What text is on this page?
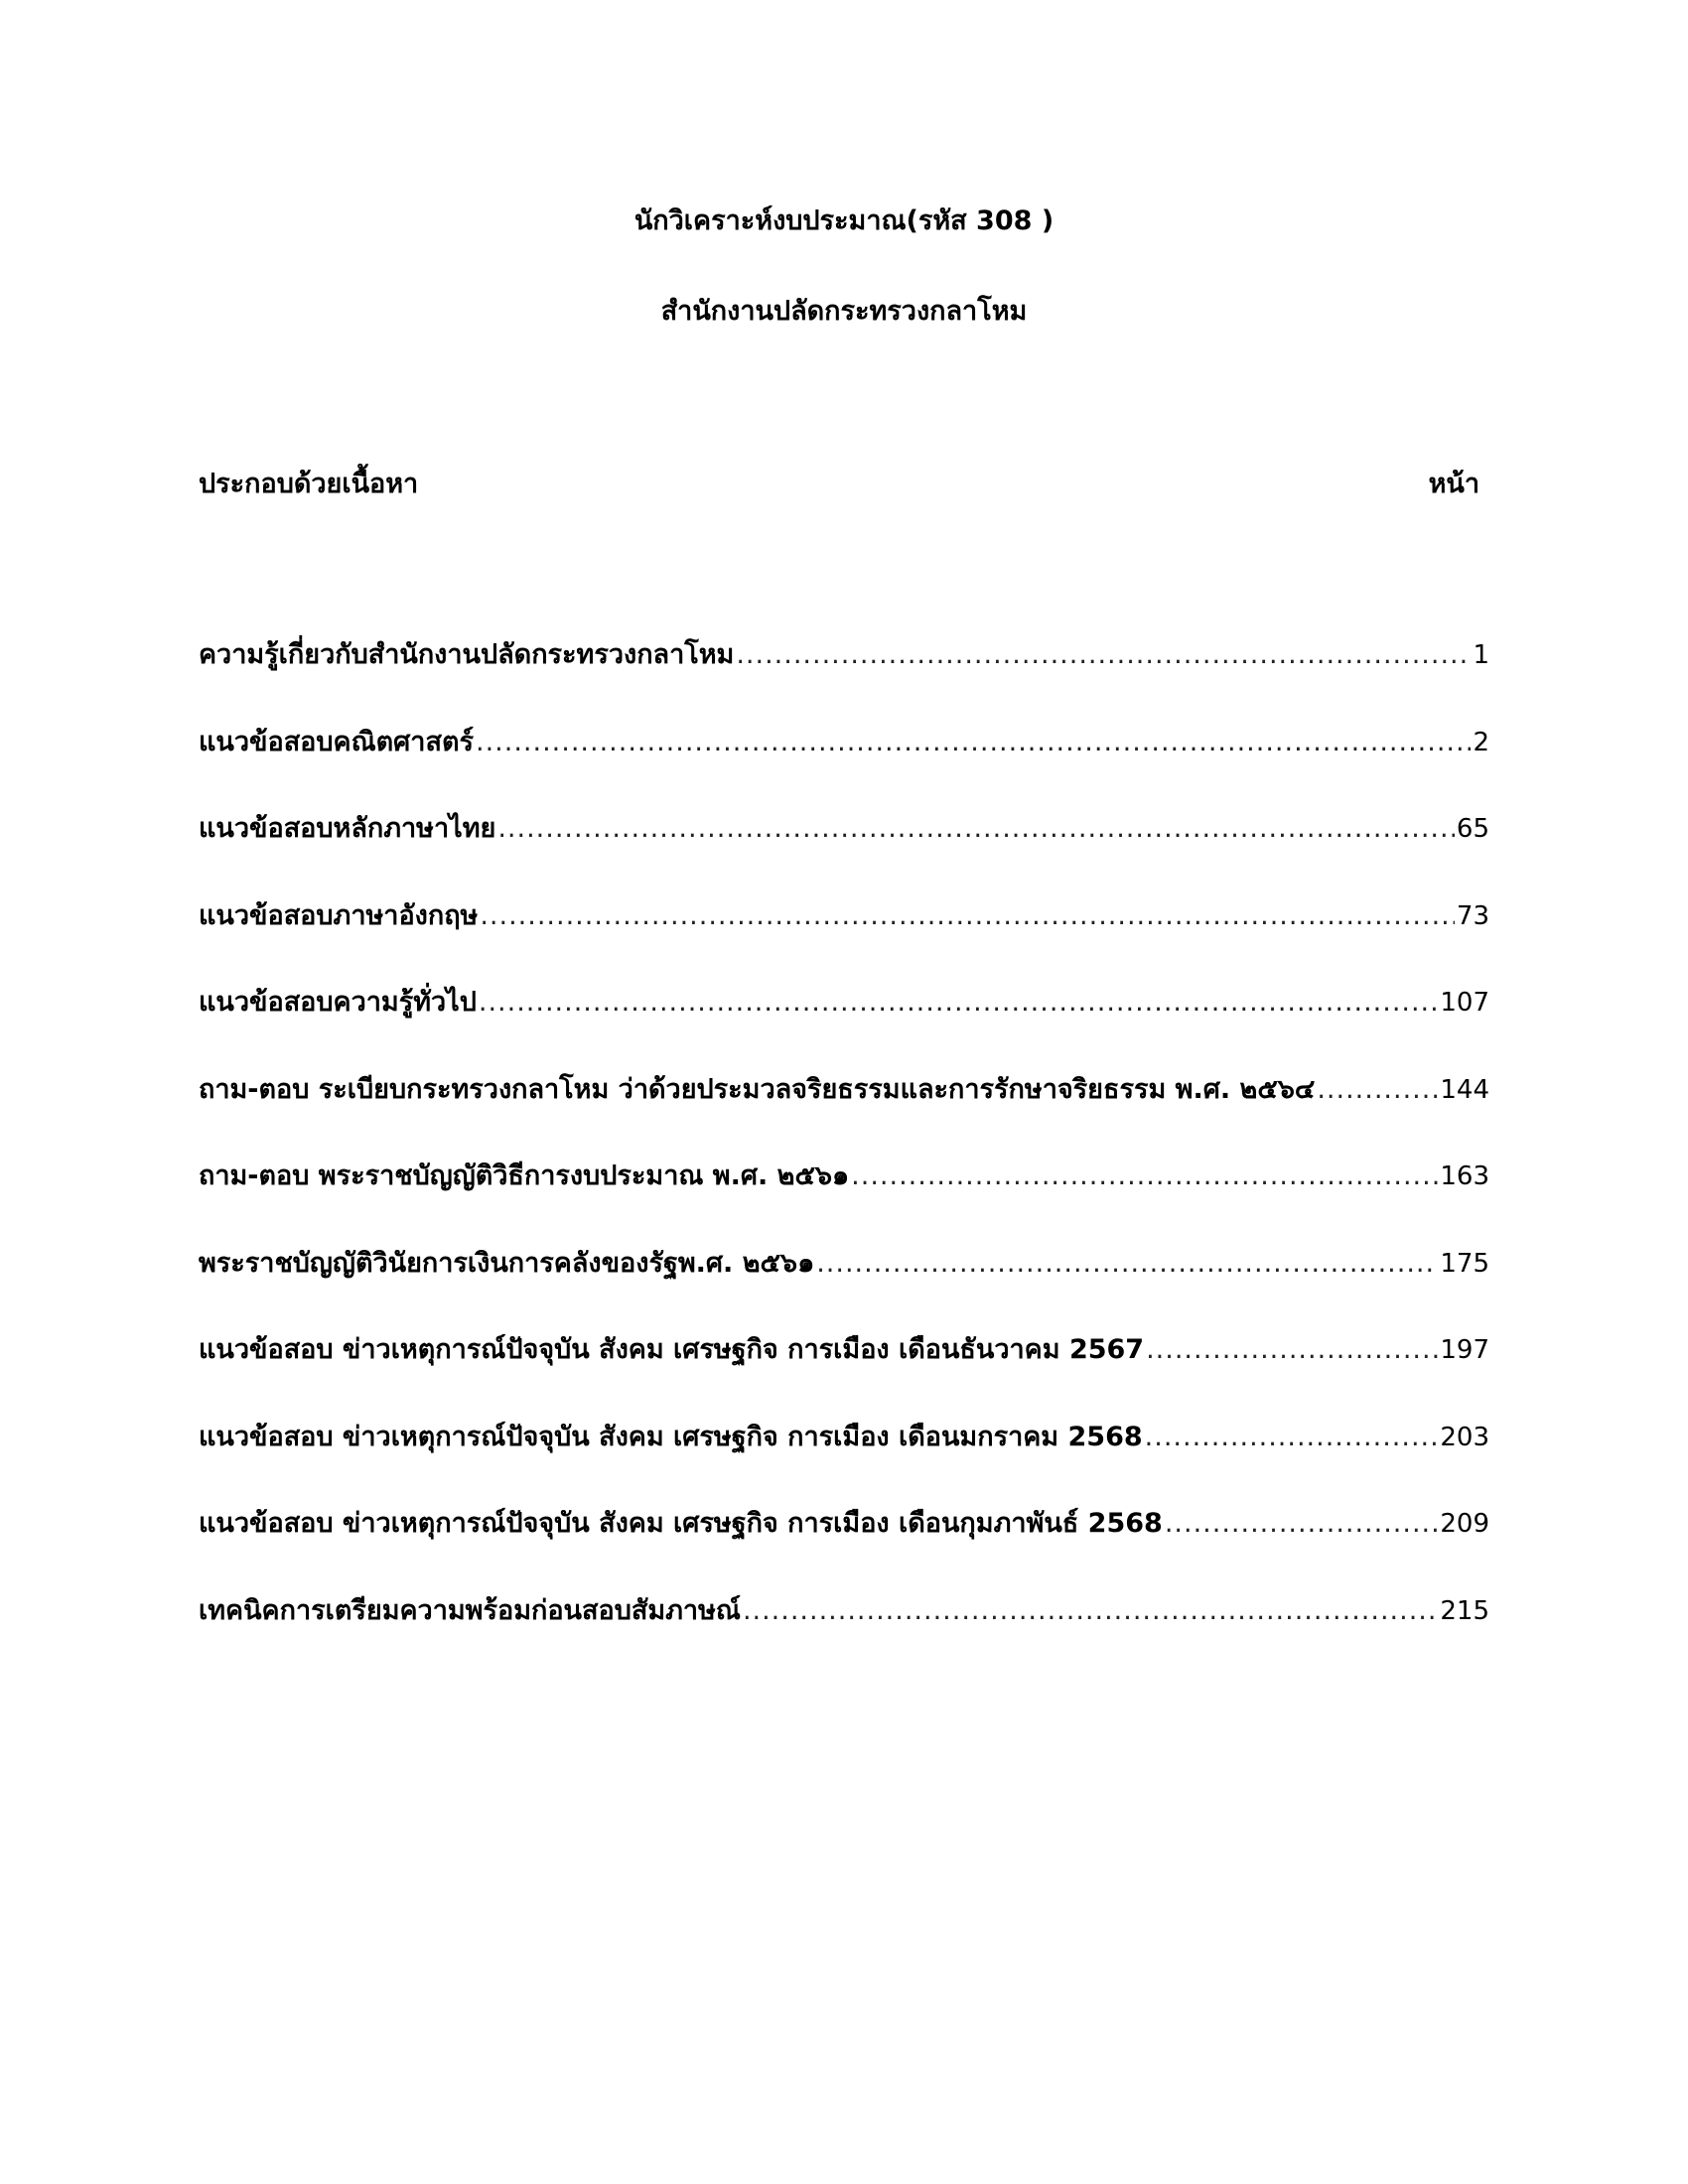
นักวิเคราะห์งบประมาณ(รหัส 308 )
สำนักงานปลัดกระทรวงกลาโหม
ประกอบด้วยเนื้อหา	หน้า
ความรู้เกี่ยวกับสำนักงานปลัดกระทรวงกลาโหม .....	1
แนวข้อสอบคณิตศาสตร์ .....	2
แนวข้อสอบหลักภาษาไทย .....	65
แนวข้อสอบภาษาอังกฤษ .....	73
แนวข้อสอบความรู้ทั่วไป .....	107
ถาม-ตอบ ระเบียบกระทรวงกลาโหม ว่าด้วยประมวลจริยธรรมและการรักษาจริยธรรม พ.ศ. ๒๕๖๔ .....	144
ถาม-ตอบ พระราชบัญญัติวิธีการงบประมาณ พ.ศ. ๒๕๖๑ .....	163
พระราชบัญญัติวินัยการเงินการคลังของรัฐพ.ศ. ๒๕๖๑ .....	175
แนวข้อสอบ ข่าวเหตุการณ์ปัจจุบัน สังคม เศรษฐกิจ การเมือง เดือนธันวาคม 2567 .....	197
แนวข้อสอบ ข่าวเหตุการณ์ปัจจุบัน สังคม เศรษฐกิจ การเมือง เดือนมกราคม 2568 .....	203
แนวข้อสอบ ข่าวเหตุการณ์ปัจจุบัน สังคม เศรษฐกิจ การเมือง เดือนกุมภาพันธ์ 2568 .....	209
เทคนิคการเตรียมความพร้อมก่อนสอบสัมภาษณ์ .....	215
